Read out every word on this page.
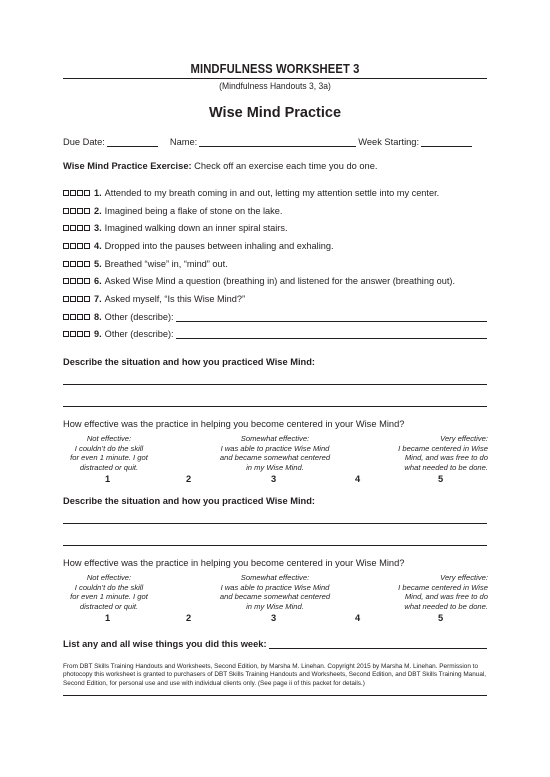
MINDFULNESS WORKSHEET 3
(Mindfulness Handouts 3, 3a)
Wise Mind Practice
Due Date:	Name:	Week Starting:
Wise Mind Practice Exercise: Check off an exercise each time you do one.
1. Attended to my breath coming in and out, letting my attention settle into my center.
2. Imagined being a flake of stone on the lake.
3. Imagined walking down an inner spiral stairs.
4. Dropped into the pauses between inhaling and exhaling.
5. Breathed “wise” in, “mind” out.
6. Asked Wise Mind a question (breathing in) and listened for the answer (breathing out).
7. Asked myself, “Is this Wise Mind?”
8. Other (describe):
9. Other (describe):
Describe the situation and how you practiced Wise Mind:
How effective was the practice in helping you become centered in your Wise Mind?
Not effective:
I couldn’t do the skill
for even 1 minute. I got
distracted or quit.
Somewhat effective:
I was able to practice Wise Mind
and became somewhat centered
in my Wise Mind.
Very effective:
I became centered in Wise
Mind, and was free to do
what needed to be done.
1	2	3	4	5
Describe the situation and how you practiced Wise Mind:
How effective was the practice in helping you become centered in your Wise Mind?
Not effective:
I couldn’t do the skill
for even 1 minute. I got
distracted or quit.
Somewhat effective:
I was able to practice Wise Mind
and became somewhat centered
in my Wise Mind.
Very effective:
I became centered in Wise
Mind, and was free to do
what needed to be done.
1	2	3	4	5
List any and all wise things you did this week:
From DBT Skills Training Handouts and Worksheets, Second Edition, by Marsha M. Linehan. Copyright 2015 by Marsha M. Linehan. Permission to photocopy this worksheet is granted to purchasers of DBT Skills Training Handouts and Worksheets, Second Edition, and DBT Skills Training Manual, Second Edition, for personal use and use with individual clients only. (See page ii of this packet for details.)
